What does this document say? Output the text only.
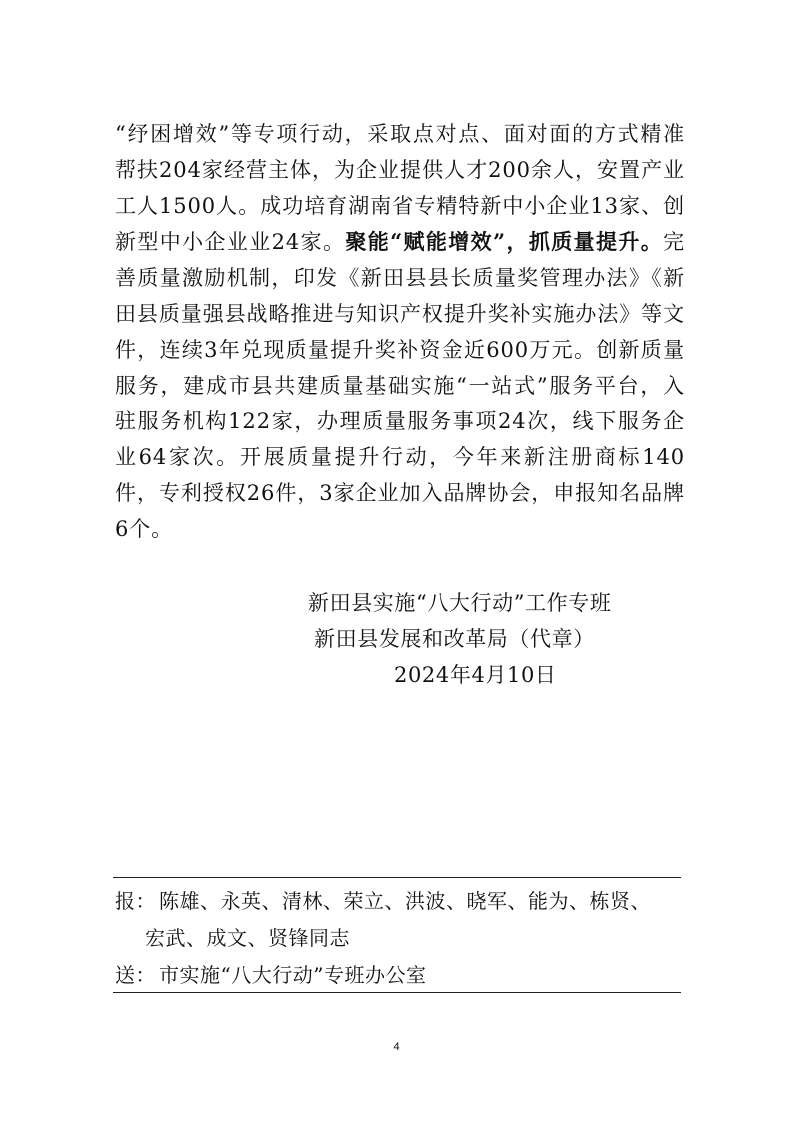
“纾困增效”等专项行动，采取点对点、面对面的方式精准帮扶204家经营主体，为企业提供人才200余人，安置产业工人1500人。成功培育湖南省专精特新中小企业13家、创新型中小企业业24家。聚能“赋能增效”，抓质量提升。完善质量激励机制，印发《新田县县长质量奖管理办法》《新田县质量强县战略推进与知识产权提升奖补实施办法》等文件，连续3年兑现质量提升奖补资金近600万元。创新质量服务，建成市县共建质量基础实施“一站式”服务平台，入驻服务机构122家，办理质量服务事项24次，线下服务企业64家次。开展质量提升行动，今年来新注册商标140件，专利授权26件，3家企业加入品牌协会，申报知名品牌6个。

新田县实施“八大行动”工作专班
新田县发展和改革局（代章）
2024年4月10日
报： 陈雄、永英、清林、荣立、洪波、晓军、能为、栋贤、
宏武、成文、贤锋同志
送： 市实施“八大行动”专班办公室
4
